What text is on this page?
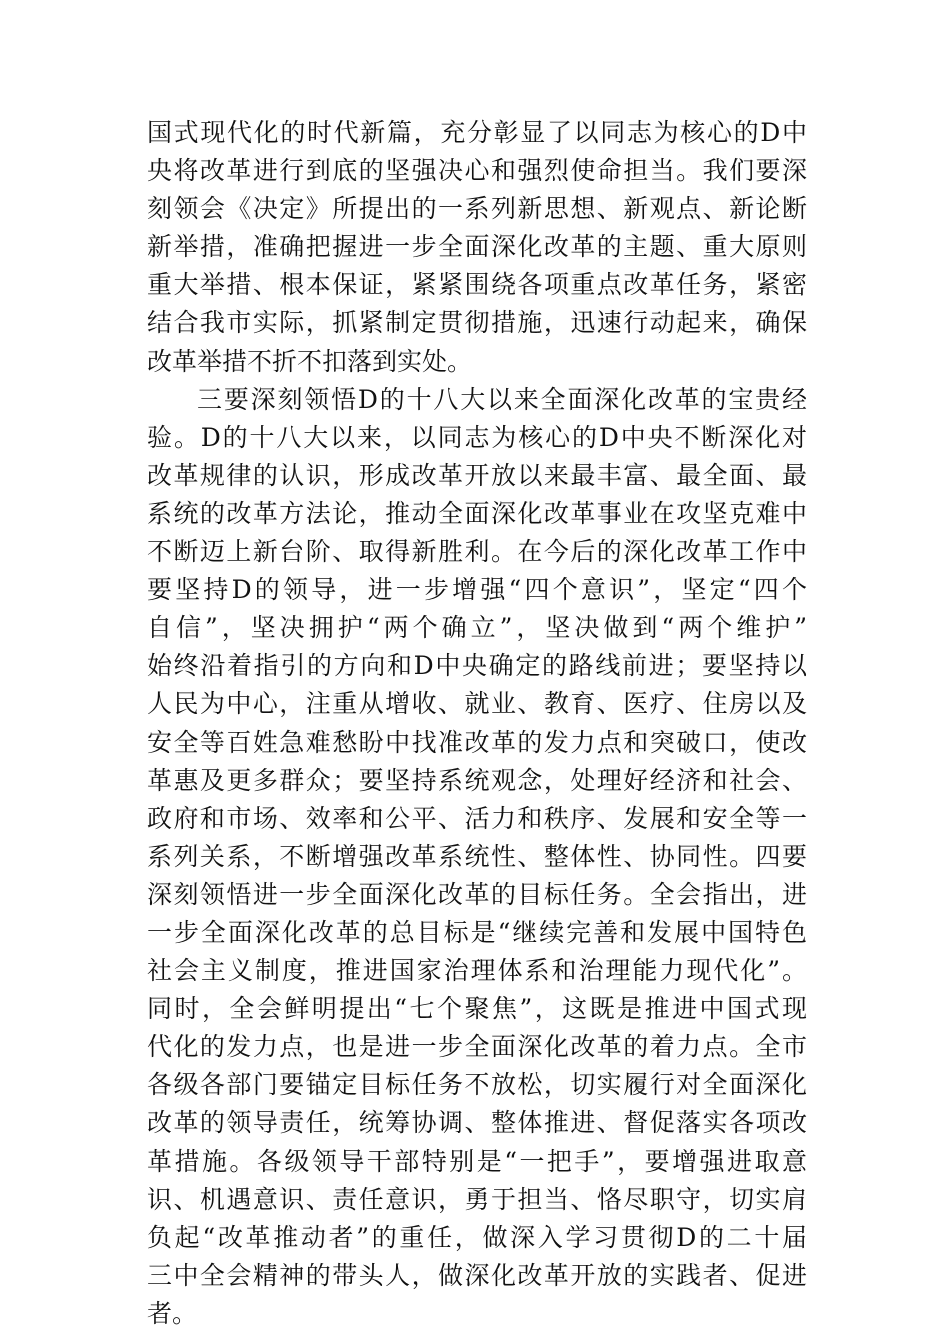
国式现代化的时代新篇，充分彰显了以同志为核心的D中
央将改革进行到底的坚强决心和强烈使命担当。我们要深
刻领会《决定》所提出的一系列新思想、新观点、新论断
新举措，准确把握进一步全面深化改革的主题、重大原则
重大举措、根本保证，紧紧围绕各项重点改革任务，紧密
结合我市实际，抓紧制定贯彻措施，迅速行动起来，确保
改革举措不折不扣落到实处。
三要深刻领悟D的十八大以来全面深化改革的宝贵经
验。D的十八大以来，以同志为核心的D中央不断深化对
改革规律的认识，形成改革开放以来最丰富、最全面、最
系统的改革方法论，推动全面深化改革事业在攻坚克难中
不断迈上新台阶、取得新胜利。在今后的深化改革工作中
要坚持D的领导，进一步增强“四个意识”，坚定“四个
自信”，坚决拥护“两个确立”，坚决做到“两个维护”
始终沿着指引的方向和D中央确定的路线前进；要坚持以
人民为中心，注重从增收、就业、教育、医疗、住房以及
安全等百姓急难愁盼中找准改革的发力点和突破口，使改
革惠及更多群众；要坚持系统观念，处理好经济和社会、
政府和市场、效率和公平、活力和秩序、发展和安全等一
系列关系，不断增强改革系统性、整体性、协同性。四要
深刻领悟进一步全面深化改革的目标任务。全会指出，进
一步全面深化改革的总目标是“继续完善和发展中国特色
社会主义制度，推进国家治理体系和治理能力现代化”。
同时，全会鲜明提出“七个聚焦”，这既是推进中国式现
代化的发力点，也是进一步全面深化改革的着力点。全市
各级各部门要锚定目标任务不放松，切实履行对全面深化
改革的领导责任，统筹协调、整体推进、督促落实各项改
革措施。各级领导干部特别是“一把手”，要增强进取意
识、机遇意识、责任意识，勇于担当、恪尽职守，切实肩
负起“改革推动者”的重任，做深入学习贯彻D的二十届
三中全会精神的带头人，做深化改革开放的实践者、促进
者。
